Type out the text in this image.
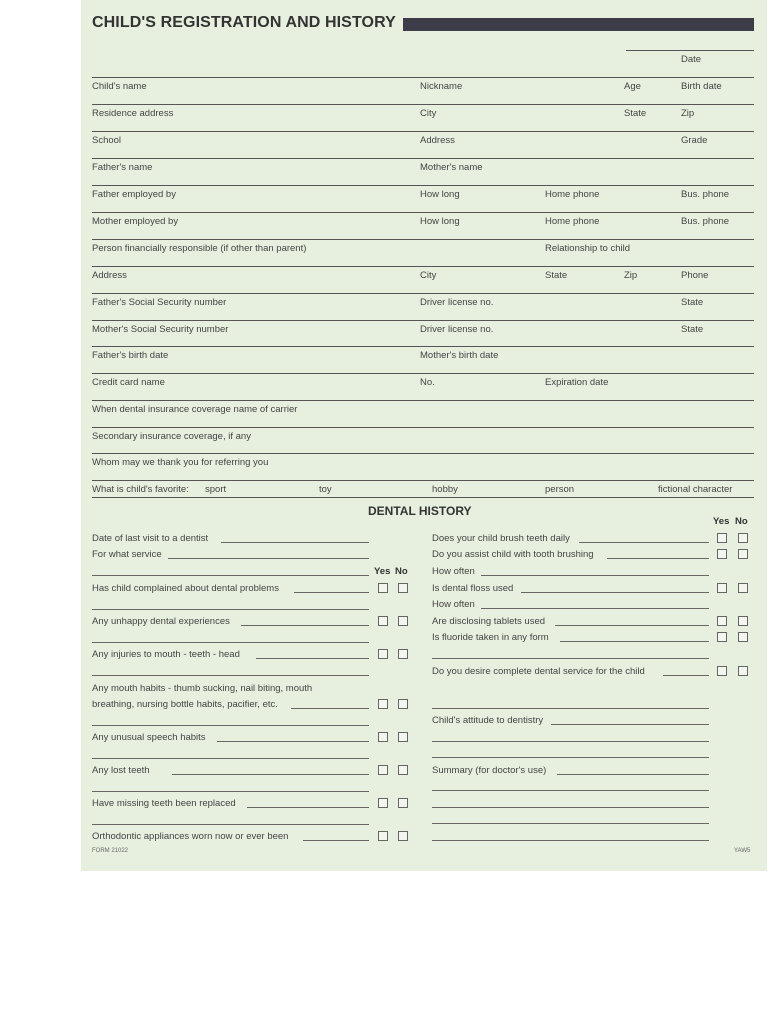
CHILD'S REGISTRATION AND HISTORY
Date
Child's name	Nickname	Age	Birth date
Residence address	City	State	Zip
School	Address	Grade
Father's name	Mother's name
Father employed by	How long	Home phone	Bus. phone
Mother employed by	How long	Home phone	Bus. phone
Person financially responsible (if other than parent)	Relationship to child
Address	City	State	Zip	Phone
Father's Social Security number	Driver license no.	State
Mother's Social Security number	Driver license no.	State
Father's birth date	Mother's birth date
Credit card name	No.	Expiration date
When dental insurance coverage name of carrier
Secondary insurance coverage, if any
Whom may we thank you for referring you
What is child's favorite: sport	toy	hobby	person	fictional character
DENTAL HISTORY
Yes No
Yes No
Date of last visit to a dentist
For what service
Has child complained about dental problems
Any unhappy dental experiences
Any injuries to mouth - teeth - head
Any mouth habits - thumb sucking, nail biting, mouth
breathing, nursing bottle habits, pacifier, etc.
Any unusual speech habits
Any lost teeth
Have missing teeth been replaced
Orthodontic appliances worn now or ever been
Does your child brush teeth daily
Do you assist child with tooth brushing
How often
Is dental floss used
How often
Are disclosing tablets used
Is fluoride taken in any form
Do you desire complete dental service for the child
Child's attitude to dentistry
Summary (for doctor's use)
FORM 21022	YAW5
